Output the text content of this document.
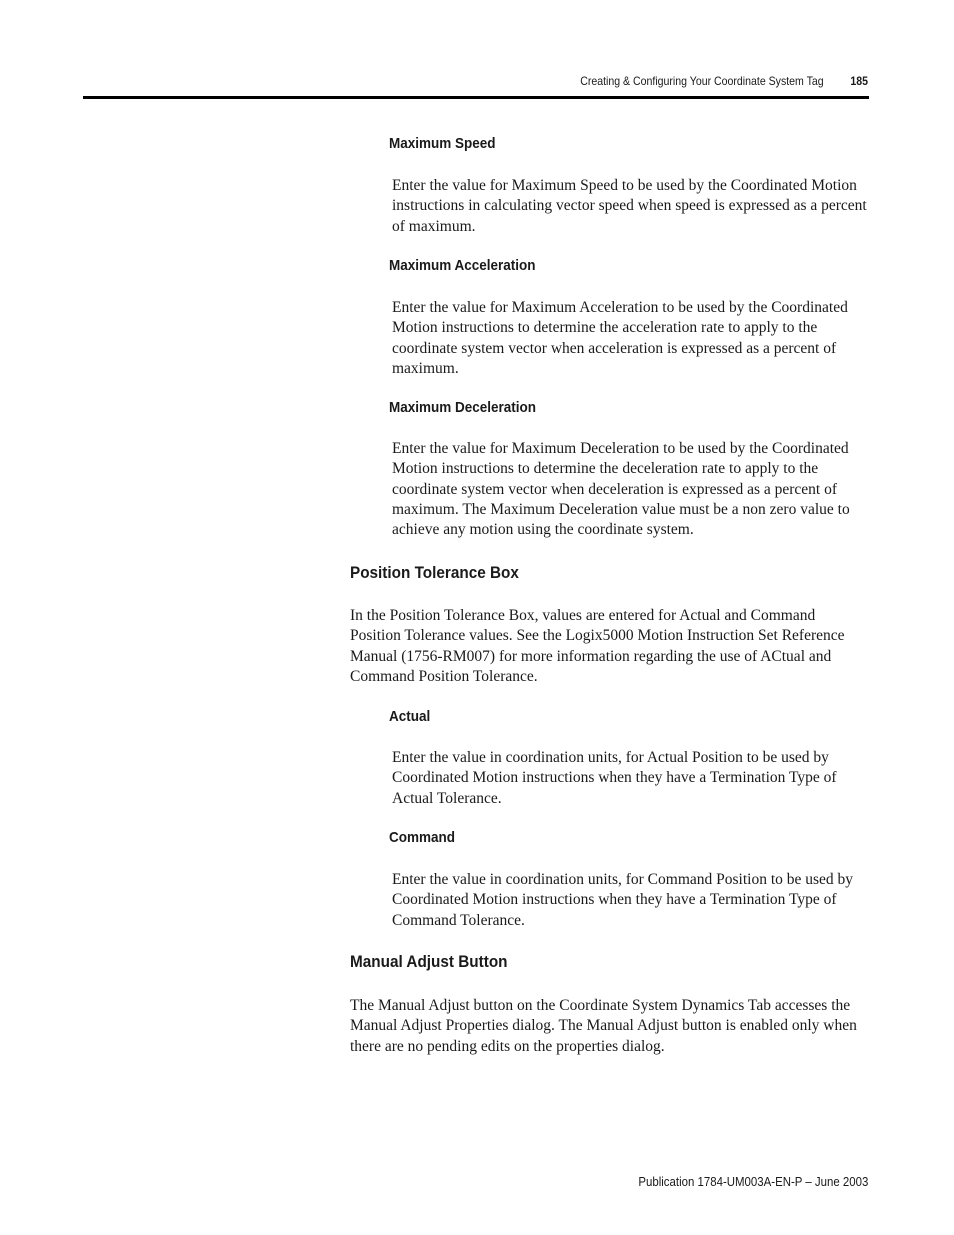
Creating & Configuring Your Coordinate System Tag 185
Maximum Speed

Enter the value for Maximum Speed to be used by the Coordinated Motion instructions in calculating vector speed when speed is expressed as a percent of maximum.

Maximum Acceleration

Enter the value for Maximum Acceleration to be used by the Coordinated Motion instructions to determine the acceleration rate to apply to the coordinate system vector when acceleration is expressed as a percent of maximum.

Maximum Deceleration

Enter the value for Maximum Deceleration to be used by the Coordinated Motion instructions to determine the deceleration rate to apply to the coordinate system vector when deceleration is expressed as a percent of maximum. The Maximum Deceleration value must be a non zero value to achieve any motion using the coordinate system.

Position Tolerance Box

In the Position Tolerance Box, values are entered for Actual and Command Position Tolerance values. See the Logix5000 Motion Instruction Set Reference Manual (1756-RM007) for more information regarding the use of ACtual and Command Position Tolerance.

Actual

Enter the value in coordination units, for Actual Position to be used by Coordinated Motion instructions when they have a Termination Type of Actual Tolerance.

Command

Enter the value in coordination units, for Command Position to be used by Coordinated Motion instructions when they have a Termination Type of Command Tolerance.

Manual Adjust Button

The Manual Adjust button on the Coordinate System Dynamics Tab accesses the Manual Adjust Properties dialog. The Manual Adjust button is enabled only when there are no pending edits on the properties dialog.

Publication 1784-UM003A-EN-P – June 2003
